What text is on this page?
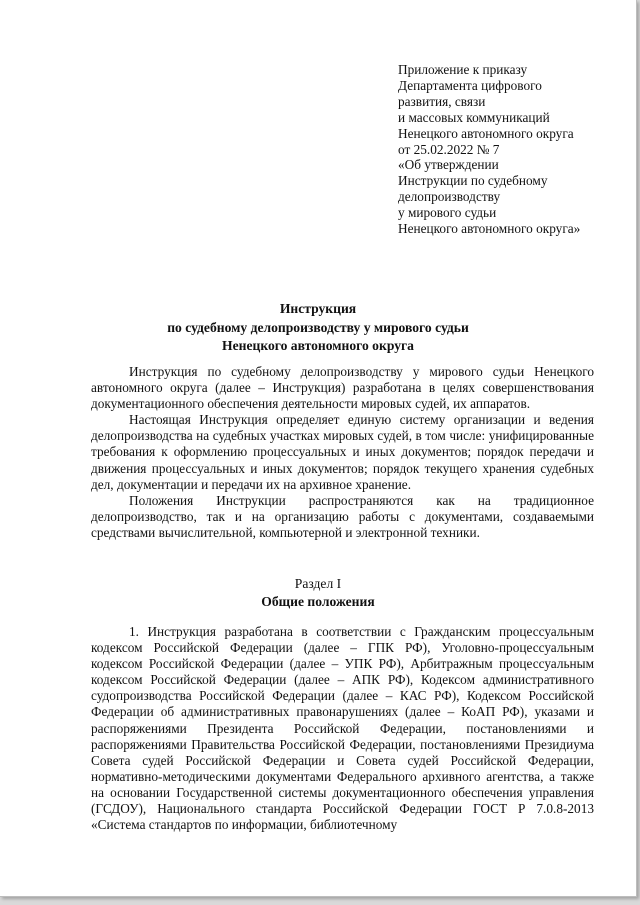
Приложение к приказу
Департамента цифрового
развития, связи
и массовых коммуникаций
Ненецкого автономного округа
от 25.02.2022 № 7
«Об утверждении
Инструкции по судебному
делопроизводству
у мирового судьи
Ненецкого автономного округа»
Инструкция
по судебному делопроизводству у мирового судьи
Ненецкого автономного округа

Инструкция по судебному делопроизводству у мирового судьи Ненецкого автономного округа (далее – Инструкция) разработана в целях совершенствования документационного обеспечения деятельности мировых судей, их аппаратов.

Настоящая Инструкция определяет единую систему организации и ведения делопроизводства на судебных участках мировых судей, в том числе: унифицированные требования к оформлению процессуальных и иных документов; порядок передачи и движения процессуальных и иных документов; порядок текущего хранения судебных дел, документации и передачи их на архивное хранение.

Положения Инструкции распространяются как на традиционное делопроизводство, так и на организацию работы с документами, создаваемыми средствами вычислительной, компьютерной и электронной техники.

Раздел I
Общие положения

1. Инструкция разработана в соответствии с Гражданским процессуальным кодексом Российской Федерации (далее – ГПК РФ), Уголовно-процессуальным кодексом Российской Федерации (далее – УПК РФ), Арбитражным процессуальным кодексом Российской Федерации (далее – АПК РФ), Кодексом административного судопроизводства Российской Федерации (далее – КАС РФ), Кодексом Российской Федерации об административных правонарушениях (далее – КоАП РФ), указами и распоряжениями Президента Российской Федерации, постановлениями и распоряжениями Правительства Российской Федерации, постановлениями Президиума Совета судей Российской Федерации и Совета судей Российской Федерации, нормативно-методическими документами Федерального архивного агентства, а также на основании Государственной системы документационного обеспечения управления (ГСДОУ), Национального стандарта Российской Федерации ГОСТ Р 7.0.8-2013 «Система стандартов по информации, библиотечному
